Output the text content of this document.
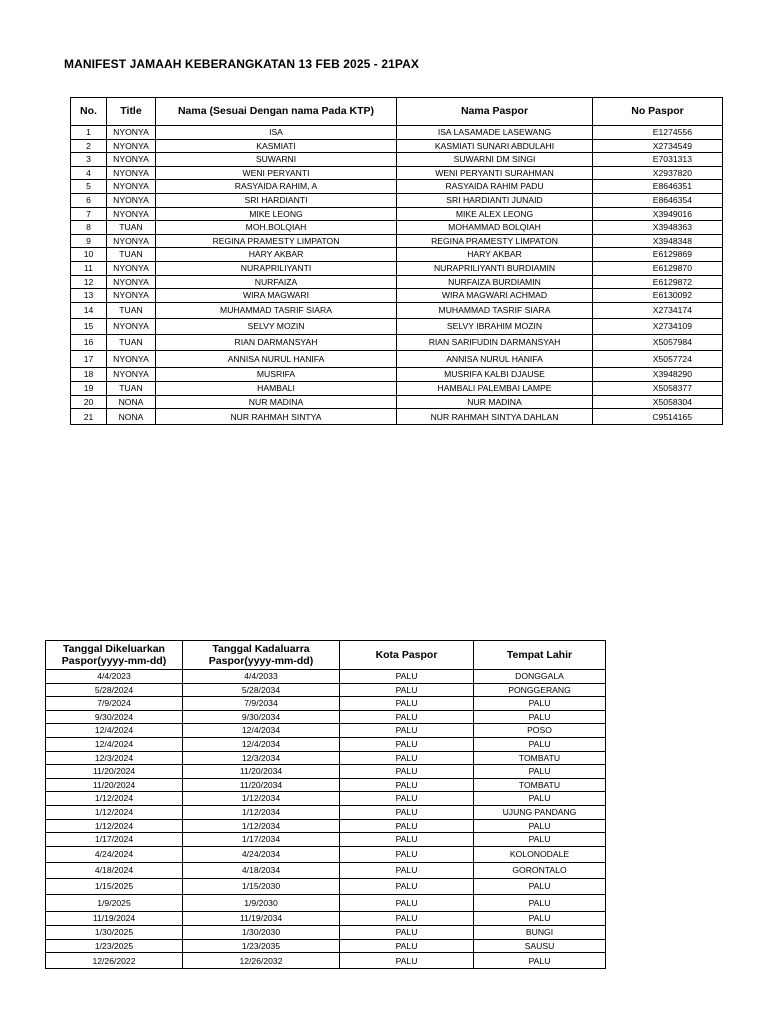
MANIFEST JAMAAH KEBERANGKATAN 13 FEB 2025 - 21PAX
No.	Title	Nama (Sesuai Dengan nama Pada KTP)	Nama Paspor	No Paspor
1	NYONYA	ISA	ISA LASAMADE LASEWANG	E1274556
2	NYONYA	KASMIATI	KASMIATI SUNARI ABDULAHI	X2734549
3	NYONYA	SUWARNI	SUWARNI DM SINGI	E7031313
4	NYONYA	WENI PERYANTI	WENI PERYANTI SURAHMAN	X2937820
5	NYONYA	RASYAIDA RAHIM, A	RASYAIDA RAHIM PADU	E8646351
6	NYONYA	SRI HARDIANTI	SRI HARDIANTI JUNAID	E8646354
7	NYONYA	MIKE LEONG	MIKE ALEX LEONG	X3949016
8	TUAN	MOH.BOLQIAH	MOHAMMAD BOLQIAH	X3948363
9	NYONYA	REGINA PRAMESTY LIMPATON	REGINA PRAMESTY LIMPATON	X3948348
10	TUAN	HARY AKBAR	HARY AKBAR	E6129869
11	NYONYA	NURAPRILIYANTI	NURAPRILIYANTI BURDIAMIN	E6129870
12	NYONYA	NURFAIZA	NURFAIZA BURDIAMIN	E6129872
13	NYONYA	WIRA MAGWARI	WIRA MAGWARI ACHMAD	E6130092
14	TUAN	MUHAMMAD TASRIF SIARA	MUHAMMAD TASRIF SIARA	X2734174
15	NYONYA	SELVY MOZIN	SELVY IBRAHIM MOZIN	X2734109
16	TUAN	RIAN DARMANSYAH	RIAN SARIFUDIN DARMANSYAH	X5057984
17	NYONYA	ANNISA NURUL HANIFA	ANNISA NURUL HANIFA	X5057724
18	NYONYA	MUSRIFA	MUSRIFA KALBI DJAUSE	X3948290
19	TUAN	HAMBALI	HAMBALI PALEMBAI LAMPE	X5058377
20	NONA	NUR MADINA	NUR MADINA	X5058304
21	NONA	NUR RAHMAH SINTYA	NUR RAHMAH SINTYA DAHLAN	C9514165
Tanggal Dikeluarkan Paspor(yyyy-mm-dd)	Tanggal Kadaluarra Paspor(yyyy-mm-dd)	Kota Paspor	Tempat Lahir
4/4/2023	4/4/2033	PALU	DONGGALA
5/28/2024	5/28/2034	PALU	PONGGERANG
7/9/2024	7/9/2034	PALU	PALU
9/30/2024	9/30/2034	PALU	PALU
12/4/2024	12/4/2034	PALU	POSO
12/4/2024	12/4/2034	PALU	PALU
12/3/2024	12/3/2034	PALU	TOMBATU
11/20/2024	11/20/2034	PALU	PALU
11/20/2024	11/20/2034	PALU	TOMBATU
1/12/2024	1/12/2034	PALU	PALU
1/12/2024	1/12/2034	PALU	UJUNG PANDANG
1/12/2024	1/12/2034	PALU	PALU
1/17/2024	1/17/2034	PALU	PALU
4/24/2024	4/24/2034	PALU	KOLONODALE
4/18/2024	4/18/2034	PALU	GORONTALO
1/15/2025	1/15/2030	PALU	PALU
1/9/2025	1/9/2030	PALU	PALU
11/19/2024	11/19/2034	PALU	PALU
1/30/2025	1/30/2030	PALU	BUNGI
1/23/2025	1/23/2035	PALU	SAUSU
12/26/2022	12/26/2032	PALU	PALU
